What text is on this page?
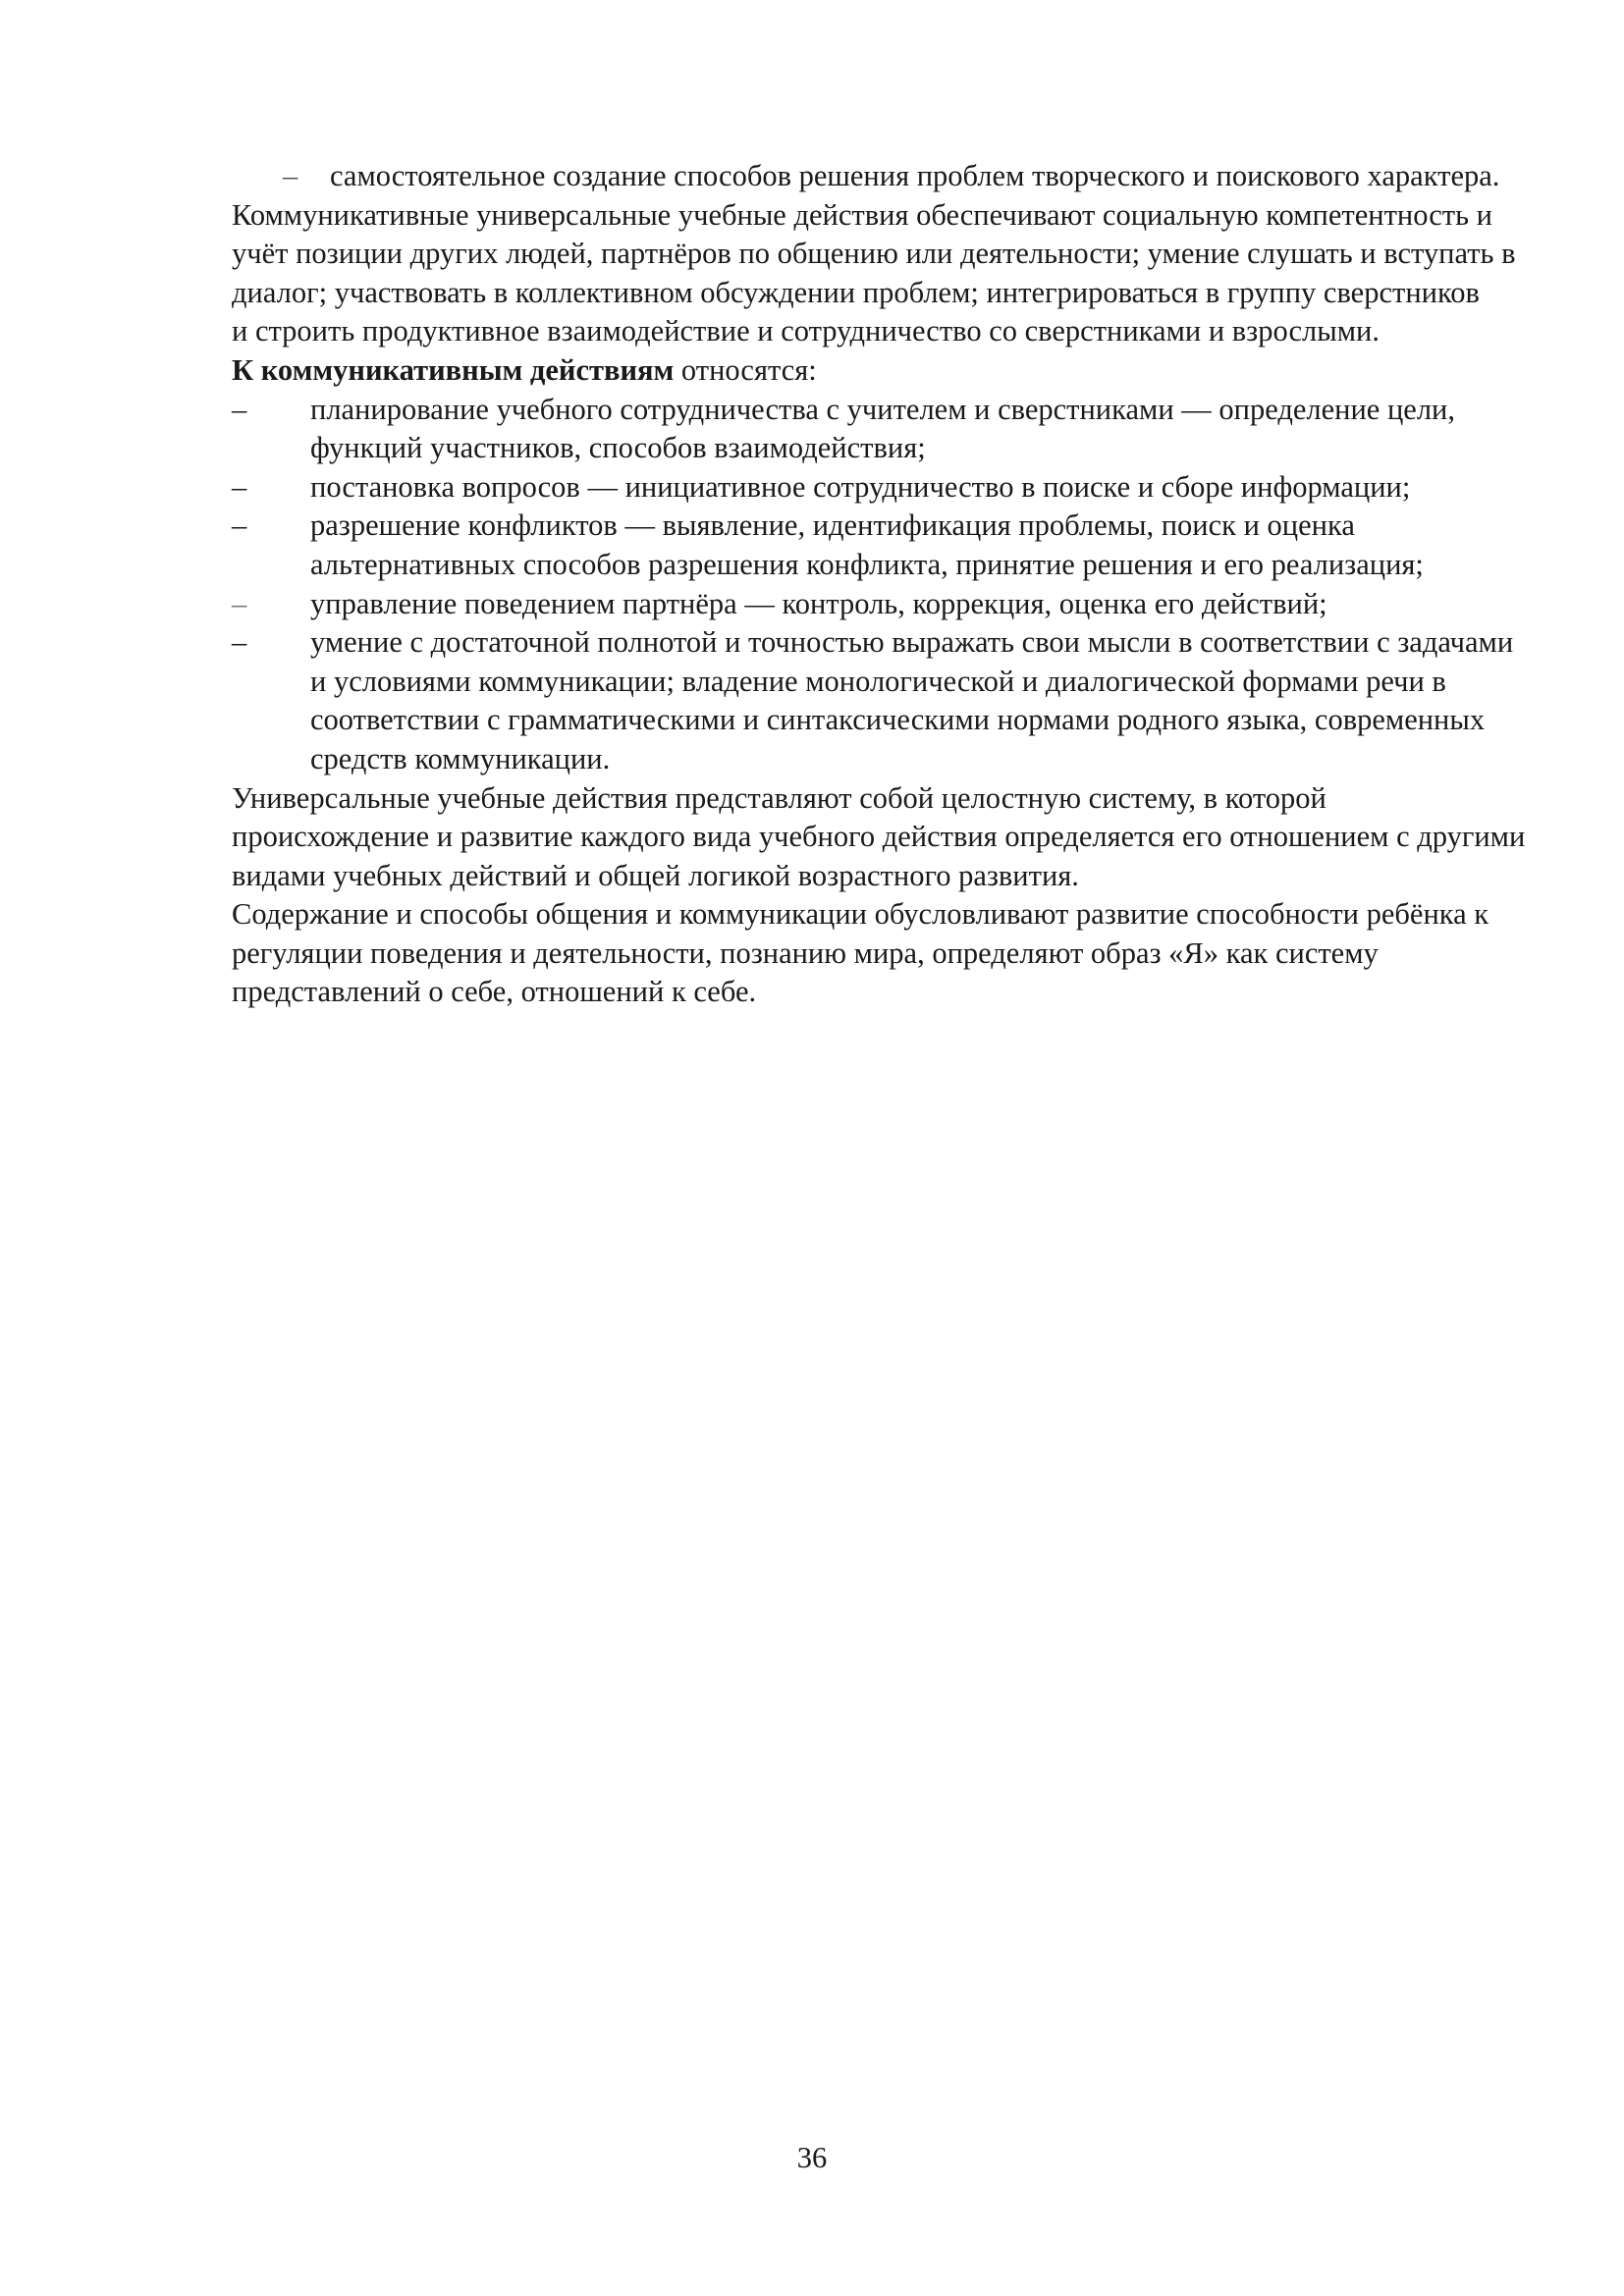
– самостоятельное создание способов решения проблем творческого и поискового характера.

Коммуникативные универсальные учебные действия обеспечивают социальную компетентность и учёт позиции других людей, партнёров по общению или деятельности; умение слушать и вступать в диалог; участвовать в коллективном обсуждении проблем; интегрироваться в группу сверстников
и строить продуктивное взаимодействие и сотрудничество со сверстниками и взрослыми.

К коммуникативным действиям относятся:

– планирование учебного сотрудничества с учителем и сверстниками — определение цели, функций участников, способов взаимодействия;
– постановка вопросов — инициативное сотрудничество в поиске и сборе информации;
– разрешение конфликтов — выявление, идентификация проблемы, поиск и оценка альтернативных способов разрешения конфликта, принятие решения и его реализация;
– управление поведением партнёра — контроль, коррекция, оценка его действий;
– умение с достаточной полнотой и точностью выражать свои мысли в соответствии с задачами и условиями коммуникации; владение монологической и диалогической формами речи в соответствии с грамматическими и синтаксическими нормами родного языка, современных средств коммуникации.

Универсальные учебные действия представляют собой целостную систему, в которой происхождение и развитие каждого вида учебного действия определяется его отношением с другими видами учебных действий и общей логикой возрастного развития.

Содержание и способы общения и коммуникации обусловливают развитие способности ребёнка к регуляции поведения и деятельности, познанию мира, определяют образ «Я» как систему представлений о себе, отношений к себе.

36
